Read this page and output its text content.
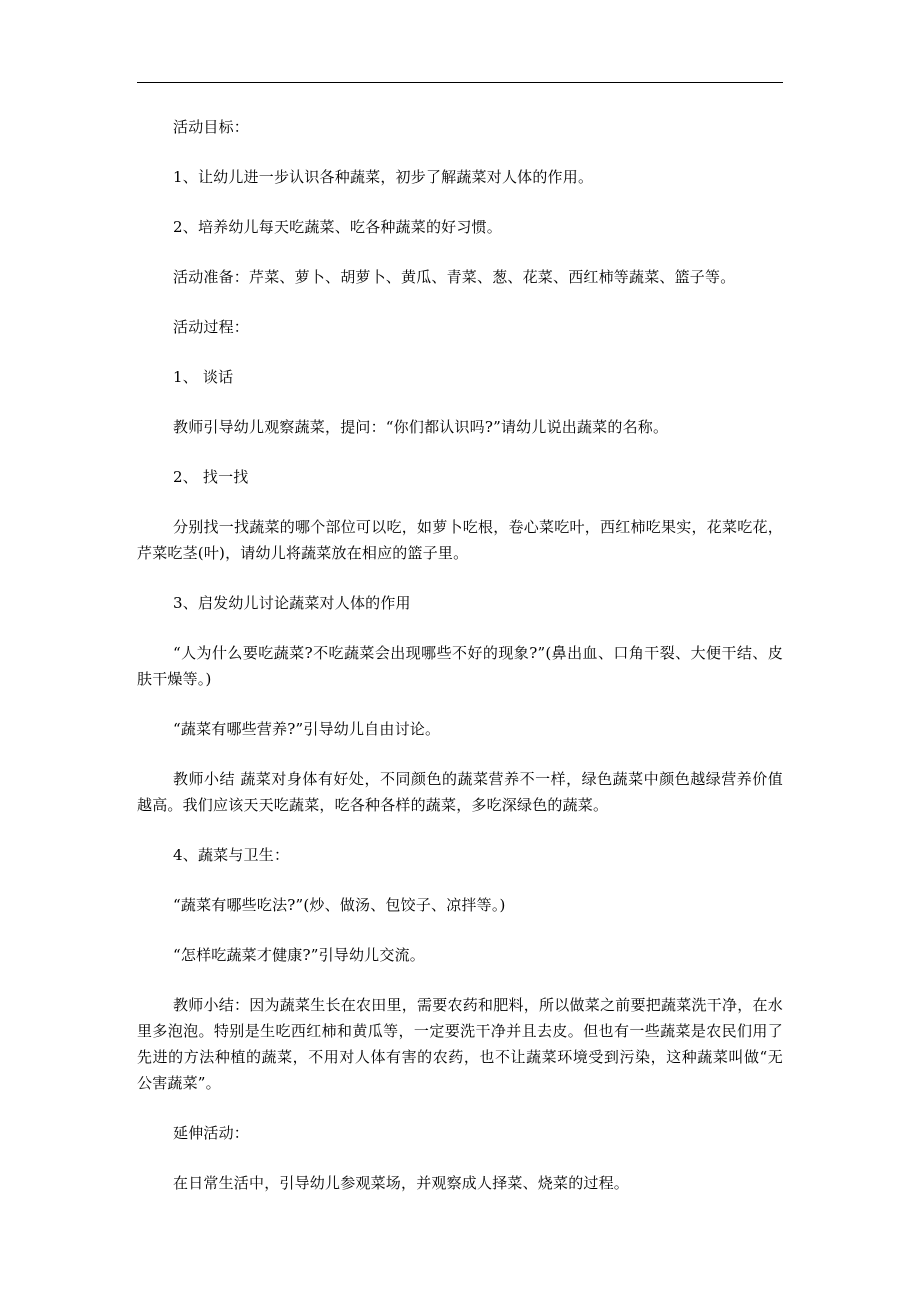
活动目标：

1、让幼儿进一步认识各种蔬菜，初步了解蔬菜对人体的作用。

2、培养幼儿每天吃蔬菜、吃各种蔬菜的好习惯。

活动准备：芹菜、萝卜、胡萝卜、黄瓜、青菜、葱、花菜、西红柿等蔬菜、篮子等。

活动过程：

1、 谈话

教师引导幼儿观察蔬菜，提问：“你们都认识吗?”请幼儿说出蔬菜的名称。

2、 找一找

分别找一找蔬菜的哪个部位可以吃，如萝卜吃根，卷心菜吃叶，西红柿吃果实，花菜吃花，芹菜吃茎(叶)，请幼儿将蔬菜放在相应的篮子里。

3、启发幼儿讨论蔬菜对人体的作用

“人为什么要吃蔬菜?不吃蔬菜会出现哪些不好的现象?”(鼻出血、口角干裂、大便干结、皮肤干燥等。)

“蔬菜有哪些营养?”引导幼儿自由讨论。

教师小结 蔬菜对身体有好处，不同颜色的蔬菜营养不一样，绿色蔬菜中颜色越绿营养价值越高。我们应该天天吃蔬菜，吃各种各样的蔬菜，多吃深绿色的蔬菜。

4、蔬菜与卫生：

“蔬菜有哪些吃法?”(炒、做汤、包饺子、凉拌等。)

“怎样吃蔬菜才健康?”引导幼儿交流。

教师小结：因为蔬菜生长在农田里，需要农药和肥料，所以做菜之前要把蔬菜洗干净，在水里多泡泡。特别是生吃西红柿和黄瓜等，一定要洗干净并且去皮。但也有一些蔬菜是农民们用了先进的方法种植的蔬菜，不用对人体有害的农药，也不让蔬菜环境受到污染，这种蔬菜叫做“无公害蔬菜”。

延伸活动：

在日常生活中，引导幼儿参观菜场，并观察成人择菜、烧菜的过程。
